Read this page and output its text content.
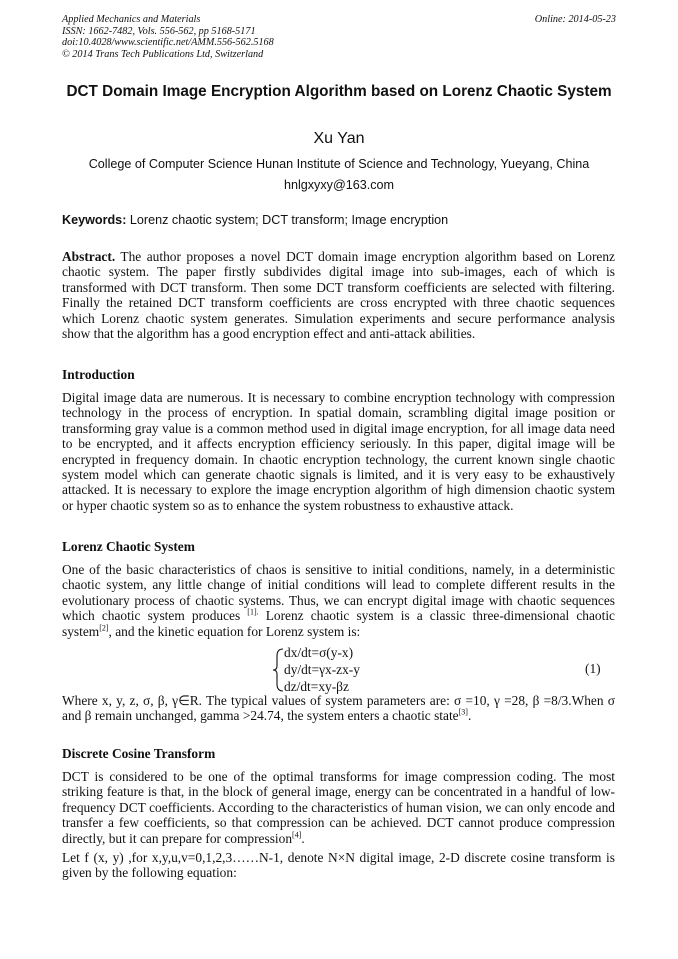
Applied Mechanics and Materials
ISSN: 1662-7482, Vols. 556-562, pp 5168-5171
doi:10.4028/www.scientific.net/AMM.556-562.5168
© 2014 Trans Tech Publications Ltd, Switzerland
Online: 2014-05-23
DCT Domain Image Encryption Algorithm based on Lorenz Chaotic System
Xu Yan
College of Computer Science Hunan Institute of Science and Technology, Yueyang, China
hnlgxyxy@163.com
Keywords: Lorenz chaotic system; DCT transform; Image encryption

Abstract. The author proposes a novel DCT domain image encryption algorithm based on Lorenz chaotic system. The paper firstly subdivides digital image into sub-images, each of which is transformed with DCT transform. Then some DCT transform coefficients are selected with filtering. Finally the retained DCT transform coefficients are cross encrypted with three chaotic sequences which Lorenz chaotic system generates. Simulation experiments and secure performance analysis show that the algorithm has a good encryption effect and anti-attack abilities.

Introduction

Digital image data are numerous. It is necessary to combine encryption technology with compression technology in the process of encryption. In spatial domain, scrambling digital image position or transforming gray value is a common method used in digital image encryption, for all image data need to be encrypted, and it affects encryption efficiency seriously. In this paper, digital image will be encrypted in frequency domain. In chaotic encryption technology, the current known single chaotic system model which can generate chaotic signals is limited, and it is very easy to be exhaustively attacked. It is necessary to explore the image encryption algorithm of high dimension chaotic system or hyper chaotic system so as to enhance the system robustness to exhaustive attack.

Lorenz Chaotic System

One of the basic characteristics of chaos is sensitive to initial conditions, namely, in a deterministic chaotic system, any little change of initial conditions will lead to complete different results in the evolutionary process of chaotic systems. Thus, we can encrypt digital image with chaotic sequences which chaotic system produces $^{[1].}$ Lorenz chaotic system is a classic three-dimensional chaotic system[2], and the kinetic equation for Lorenz system is:

dx/dt=σ(y-x)
dy/dt=γx-zx-y
dz/dt=xy-βz
(1)

Where x, y, z, σ, β, γ∈R. The typical values of system parameters are: σ =10, γ =28, β =8/3.When σ and β remain unchanged, gamma >24.74, the system enters a chaotic state[3].

Discrete Cosine Transform

DCT is considered to be one of the optimal transforms for image compression coding. The most striking feature is that, in the block of general image, energy can be concentrated in a handful of low-frequency DCT coefficients. According to the characteristics of human vision, we can only encode and transfer a few coefficients, so that compression can be achieved. DCT cannot produce compression directly, but it can prepare for compression[4].

Let f (x, y) ,for x,y,u,v=0,1,2,3……N-1, denote N×N digital image, 2-D discrete cosine transform is given by the following equation:
